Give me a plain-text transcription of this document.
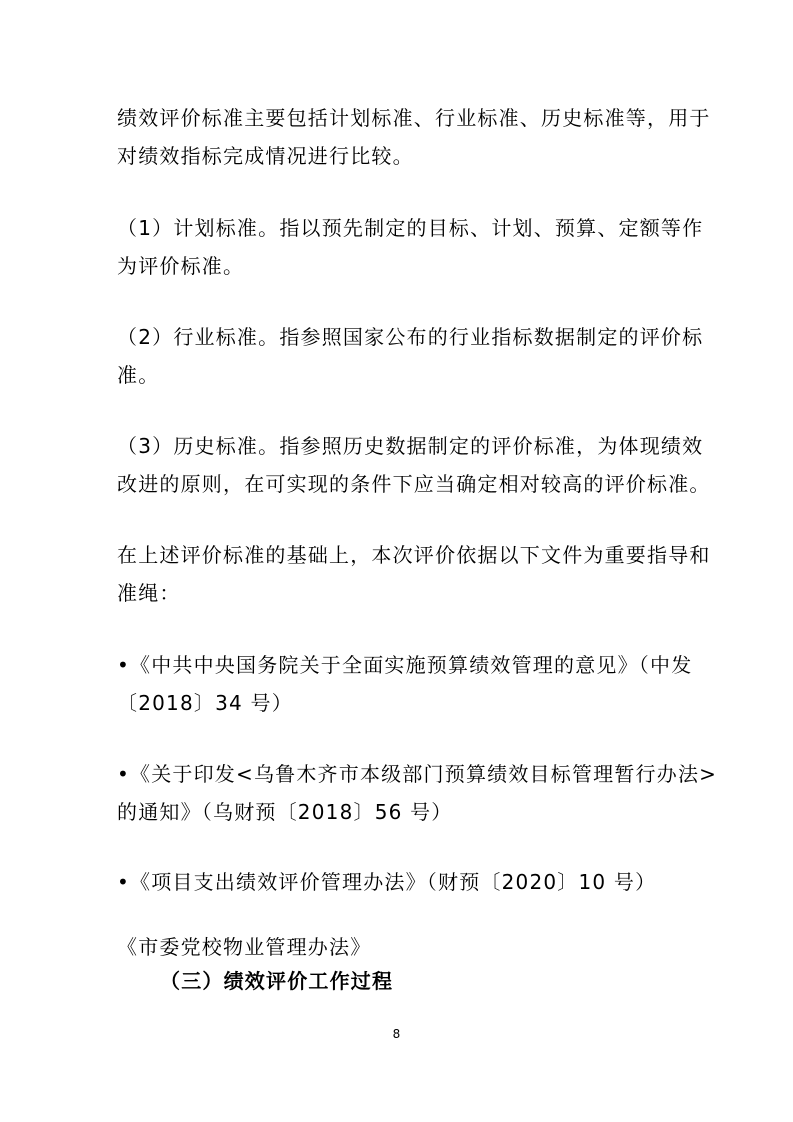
绩效评价标准主要包括计划标准、行业标准、历史标准等，用于
对绩效指标完成情况进行比较。

（1）计划标准。指以预先制定的目标、计划、预算、定额等作
为评价标准。

（2）行业标准。指参照国家公布的行业指标数据制定的评价标
准。

（3）历史标准。指参照历史数据制定的评价标准，为体现绩效
改进的原则，在可实现的条件下应当确定相对较高的评价标准。

在上述评价标准的基础上，本次评价依据以下文件为重要指导和
准绳：

•《中共中央国务院关于全面实施预算绩效管理的意见》（中发
〔2018〕34 号）

•《关于印发<乌鲁木齐市本级部门预算绩效目标管理暂行办法>
的通知》（乌财预〔2018〕56 号）

•《项目支出绩效评价管理办法》（财预〔2020〕10 号）

《市委党校物业管理办法》

（三）绩效评价工作过程
8
